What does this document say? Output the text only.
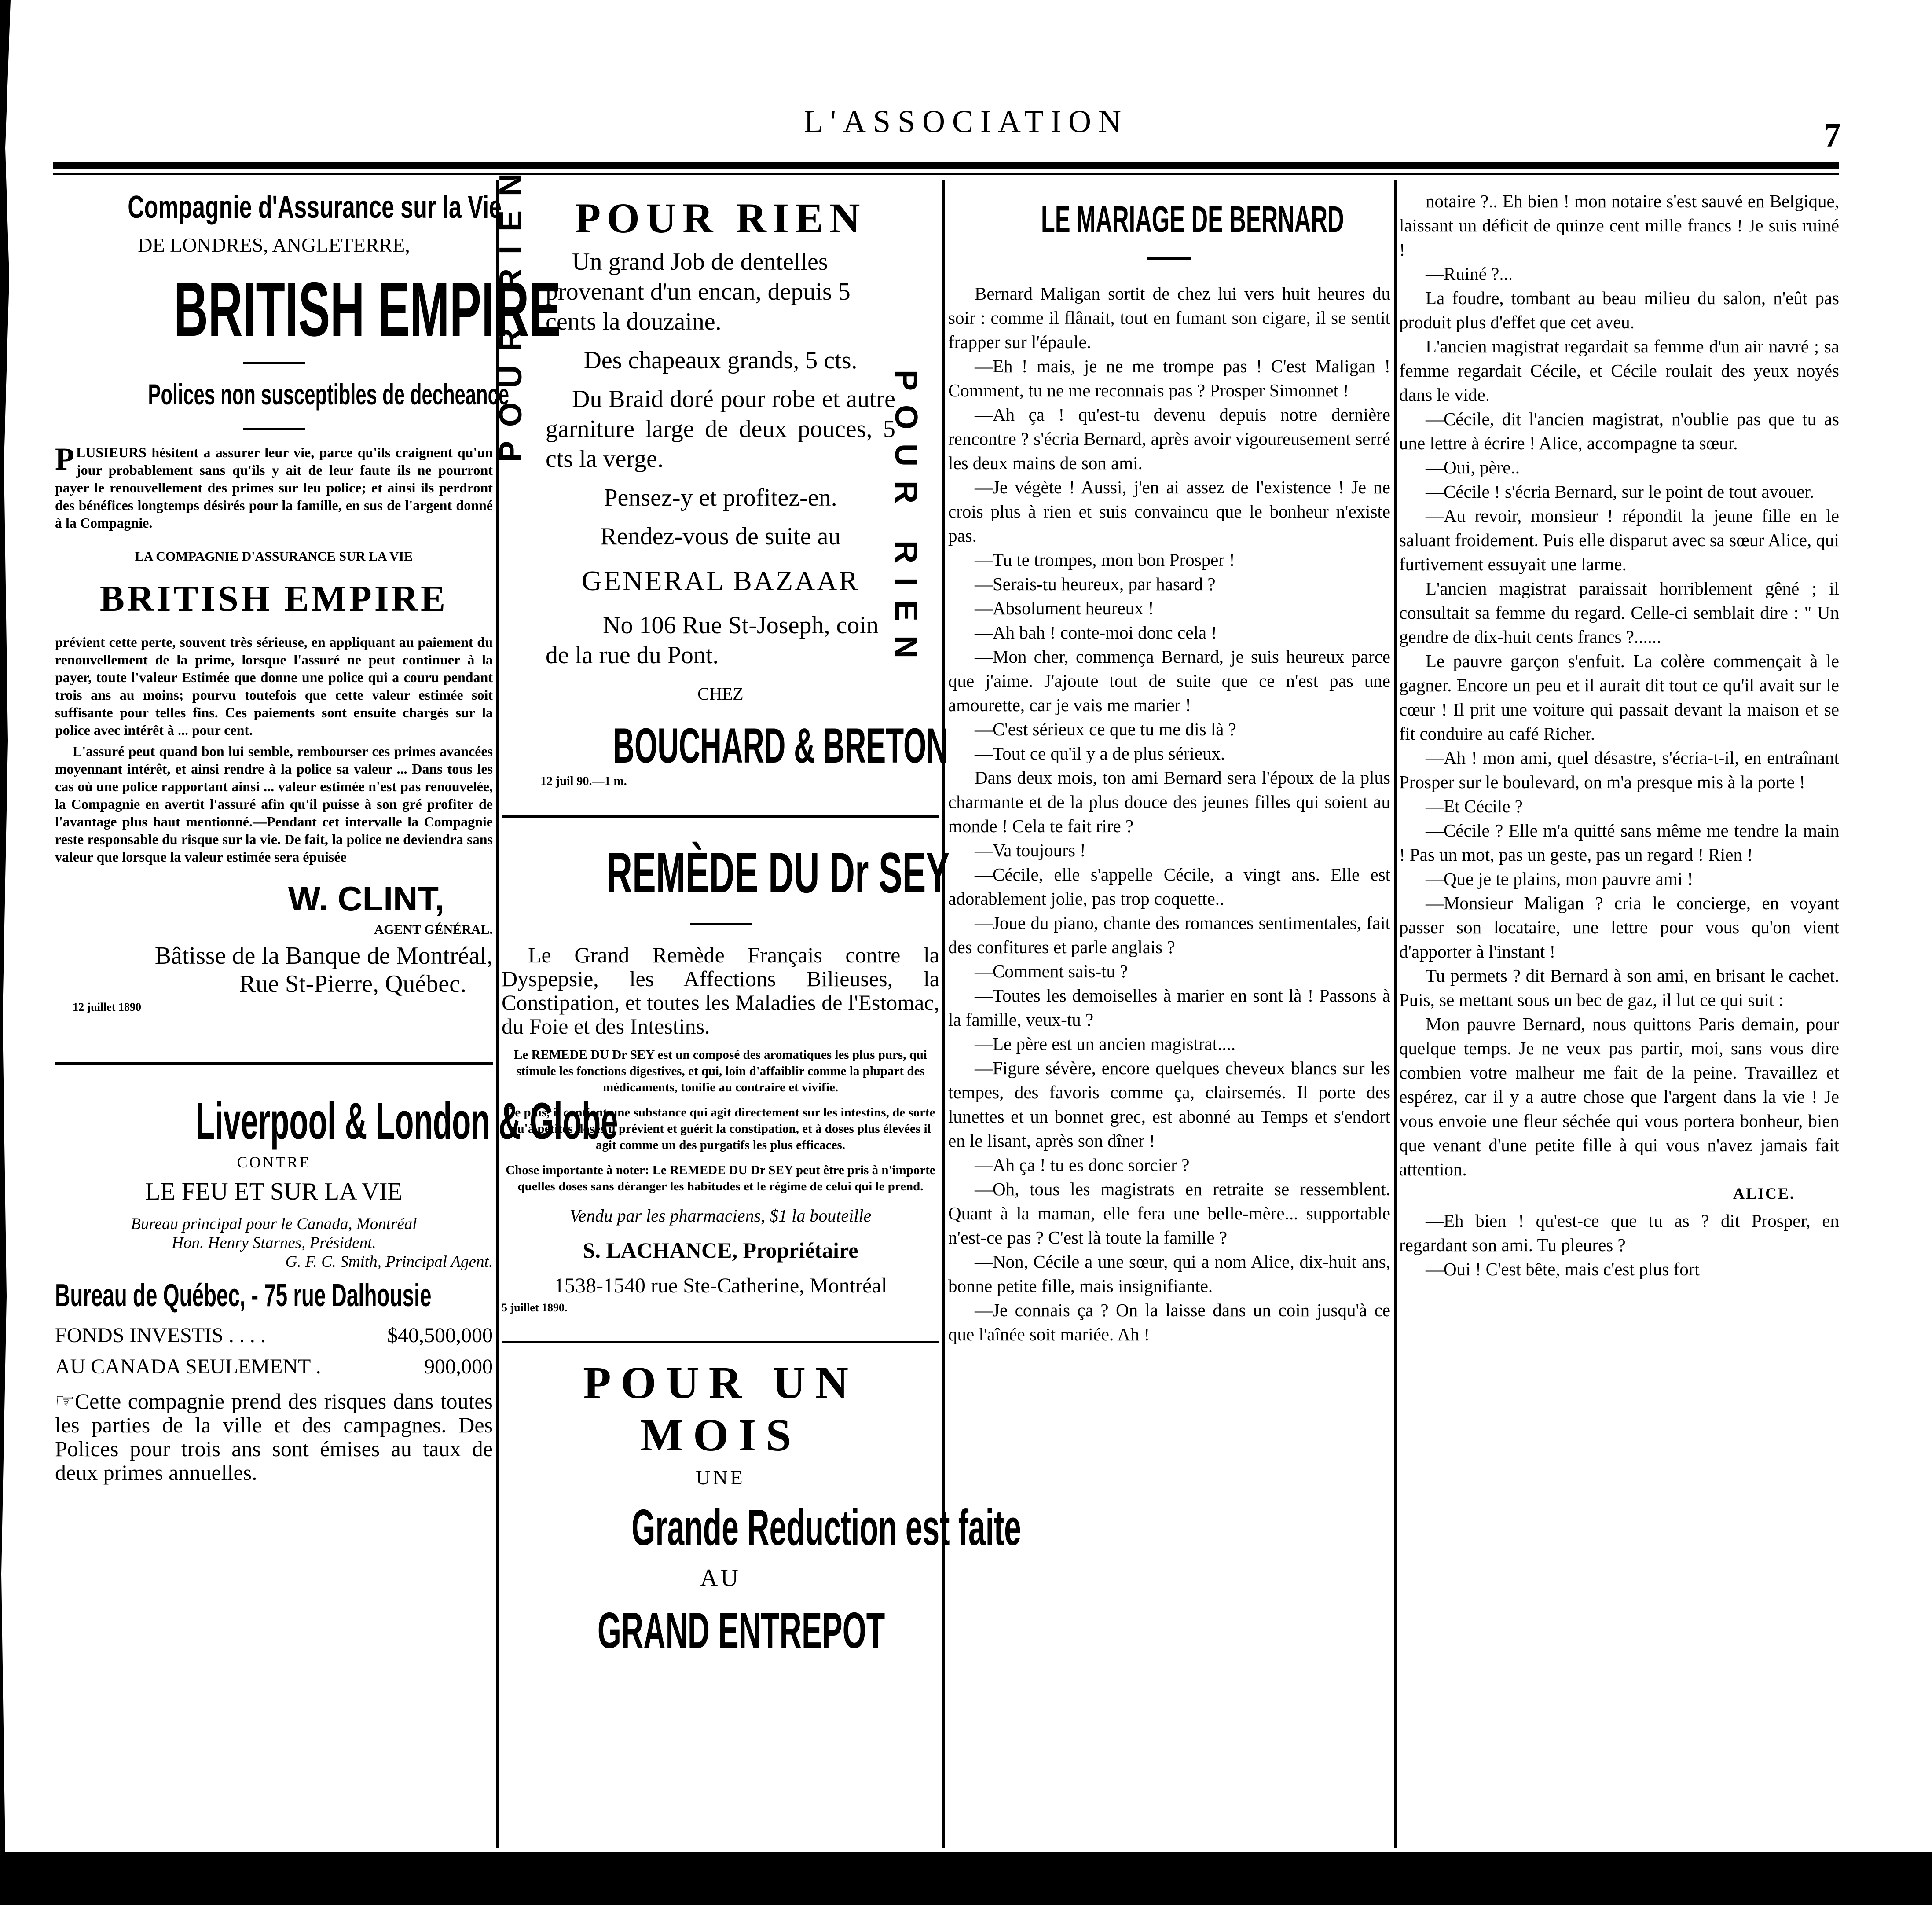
L'ASSOCIATION	7
Compagnie d'Assurance sur la Vie
DE LONDRES, ANGLETERRE,
BRITISH EMPIRE
Polices non susceptibles de decheance
PLUSIEURS hésitent a assurer leur vie, parce qu'ils craignent qu'un jour probablement sans qu'ils y ait de leur faute ils ne pourront payer le renouvellement des primes sur leu police; et ainsi ils perdront des bénéfices longtemps désirés pour la famille, en sus de l'argent donné à la Compagnie.
LA COMPAGNIE D'ASSURANCE SUR LA VIE
BRITISH EMPIRE
prévient cette perte, souvent très sérieuse, en appliquant au paiement du renouvellement de la prime, lorsque l'assuré ne peut continuer à la payer, toute l'valeur Estimée que donne une police qui a couru pendant trois ans au moins; pourvu toutefois que cette valeur estimée soit suffisante pour telles fins. Ces paiements sont ensuite chargés sur la police avec intérêt à ... pour cent.
L'assuré peut quand bon lui semble, rembourser ces primes avancées moyennant intérêt, et ainsi rendre à la police sa valeur ... Dans tous les cas où une police rapportant ainsi ... valeur estimée n'est pas renouvelée, la Compagnie en avertit l'assuré afin qu'il puisse à son gré profiter de l'avantage plus haut mentionné.—Pendant cet intervalle la Compagnie reste responsable du risque sur la vie. De fait, la police ne deviendra sans valeur que lorsque la valeur estimée sera épuisée
W. CLINT,
AGENT GÉNÉRAL.
Bâtisse de la Banque de Montréal,
Rue St-Pierre, Québec.
12 juillet 1890
Liverpool & London & Globe
CONTRE
LE FEU ET SUR LA VIE
Bureau principal pour le Canada, Montréal
Hon. Henry Starnes, Président.
G. F. C. Smith, Principal Agent.
Bureau de Québec, - 75 rue Dalhousie
FONDS INVESTIS . . . .	$40,500,000
AU CANADA SEULEMENT .	900,000
☞Cette compagnie prend des risques dans toutes les parties de la ville et des campagnes. Des Polices pour trois ans sont émises au taux de deux primes annuelles.
POUR RIEN
POUR RIEN
POUR RIEN
Un grand Job de dentelles provenant d'un encan, depuis 5 cents la douzaine.
Des chapeaux grands, 5 cts.
Du Braid doré pour robe et autre garniture large de deux pouces, 5 cts la verge.
Pensez-y et profitez-en.
Rendez-vous de suite au
GENERAL BAZAAR
No 106 Rue St-Joseph, coin de la rue du Pont.
CHEZ
BOUCHARD & BRETON
12 juil 90.—1 m.
REMÈDE DU Dr SEY
Le Grand Remède Français contre la Dyspepsie, les Affections Bilieuses, la Constipation, et toutes les Maladies de l'Estomac, du Foie et des Intestins.
Le REMEDE DU Dr SEY est un composé des aromatiques les plus purs, qui stimule les fonctions digestives, et qui, loin d'affaiblir comme la plupart des médicaments, tonifie au contraire et vivifie.
De plus, il contient une substance qui agit directement sur les intestins, de sorte qu'à petites doses il prévient et guérit la constipation, et à doses plus élevées il agit comme un des purgatifs les plus efficaces.
Chose importante à noter: Le REMEDE DU Dr SEY peut être pris à n'importe quelles doses sans déranger les habitudes et le régime de celui qui le prend.
Vendu par les pharmaciens, $1 la bouteille
S. LACHANCE, Propriétaire
1538-1540 rue Ste-Catherine, Montréal
5 juillet 1890.
POUR UN MOIS
UNE
Grande Reduction est faite
AU
GRAND ENTREPOT
LE MARIAGE DE BERNARD

Bernard Maligan sortit de chez lui vers huit heures du soir : comme il flânait, tout en fumant son cigare, il se sentit frapper sur l'épaule.

—Eh ! mais, je ne me trompe pas ! C'est Maligan ! Comment, tu ne me reconnais pas ? Prosper Simonnet !

—Ah ça ! qu'est-tu devenu depuis notre dernière rencontre ? s'écria Bernard, après avoir vigoureusement serré les deux mains de son ami.

—Je végète ! Aussi, j'en ai assez de l'existence ! Je ne crois plus à rien et suis convaincu que le bonheur n'existe pas.

—Tu te trompes, mon bon Prosper !

—Serais-tu heureux, par hasard ?

—Absolument heureux !

—Ah bah ! conte-moi donc cela !

—Mon cher, commença Bernard, je suis heureux parce que j'aime. J'ajoute tout de suite que ce n'est pas une amourette, car je vais me marier !

—C'est sérieux ce que tu me dis là ?

—Tout ce qu'il y a de plus sérieux.

Dans deux mois, ton ami Bernard sera l'époux de la plus charmante et de la plus douce des jeunes filles qui soient au monde ! Cela te fait rire ?

—Va toujours !

—Cécile, elle s'appelle Cécile, a vingt ans. Elle est adorablement jolie, pas trop coquette..

—Joue du piano, chante des romances sentimentales, fait des confitures et parle anglais ?

—Comment sais-tu ?

—Toutes les demoiselles à marier en sont là ! Passons à la famille, veux-tu ?

—Le père est un ancien magistrat....

—Figure sévère, encore quelques cheveux blancs sur les tempes, des favoris comme ça, clairsemés. Il porte des lunettes et un bonnet grec, est abonné au Temps et s'endort en le lisant, après son dîner !

—Ah ça ! tu es donc sorcier ?

—Oh, tous les magistrats en retraite se ressemblent. Quant à la maman, elle fera une belle-mère... supportable n'est-ce pas ? C'est là toute la famille ?

—Non, Cécile a une sœur, qui a nom Alice, dix-huit ans, bonne petite fille, mais insignifiante.

—Je connais ça ? On la laisse dans un coin jusqu'à ce que l'aînée soit mariée. Ah !

notaire ?.. Eh bien ! mon notaire s'est sauvé en Belgique, laissant un déficit de quinze cent mille francs ! Je suis ruiné !

—Ruiné ?...

La foudre, tombant au beau milieu du salon, n'eût pas produit plus d'effet que cet aveu.

L'ancien magistrat regardait sa femme d'un air navré ; sa femme regardait Cécile, et Cécile roulait des yeux noyés dans le vide.

—Cécile, dit l'ancien magistrat, n'oublie pas que tu as une lettre à écrire ! Alice, accompagne ta sœur.

—Oui, père..

—Cécile ! s'écria Bernard, sur le point de tout avouer.

—Au revoir, monsieur ! répondit la jeune fille en le saluant froidement. Puis elle disparut avec sa sœur Alice, qui furtivement essuyait une larme.

L'ancien magistrat paraissait horriblement gêné ; il consultait sa femme du regard. Celle-ci semblait dire : " Un gendre de dix-huit cents francs ?......

Le pauvre garçon s'enfuit. La colère commençait à le gagner. Encore un peu et il aurait dit tout ce qu'il avait sur le cœur ! Il prit une voiture qui passait devant la maison et se fit conduire au café Richer.

—Ah ! mon ami, quel désastre, s'écria-t-il, en entraînant Prosper sur le boulevard, on m'a presque mis à la porte !

—Et Cécile ?

—Cécile ? Elle m'a quitté sans même me tendre la main ! Pas un mot, pas un geste, pas un regard ! Rien !

—Que je te plains, mon pauvre ami !

—Monsieur Maligan ? cria le concierge, en voyant passer son locataire, une lettre pour vous qu'on vient d'apporter à l'instant !

Tu permets ? dit Bernard à son ami, en brisant le cachet. Puis, se mettant sous un bec de gaz, il lut ce qui suit :

Mon pauvre Bernard, nous quittons Paris demain, pour quelque temps. Je ne veux pas partir, moi, sans vous dire combien votre malheur me fait de la peine. Travaillez et espérez, car il y a autre chose que l'argent dans la vie ! Je vous envoie une fleur séchée qui vous portera bonheur, bien que venant d'une petite fille à qui vous n'avez jamais fait attention.

ALICE.

—Eh bien ! qu'est-ce que tu as ? dit Prosper, en regardant son ami. Tu pleures ?

—Oui ! C'est bête, mais c'est plus fort
